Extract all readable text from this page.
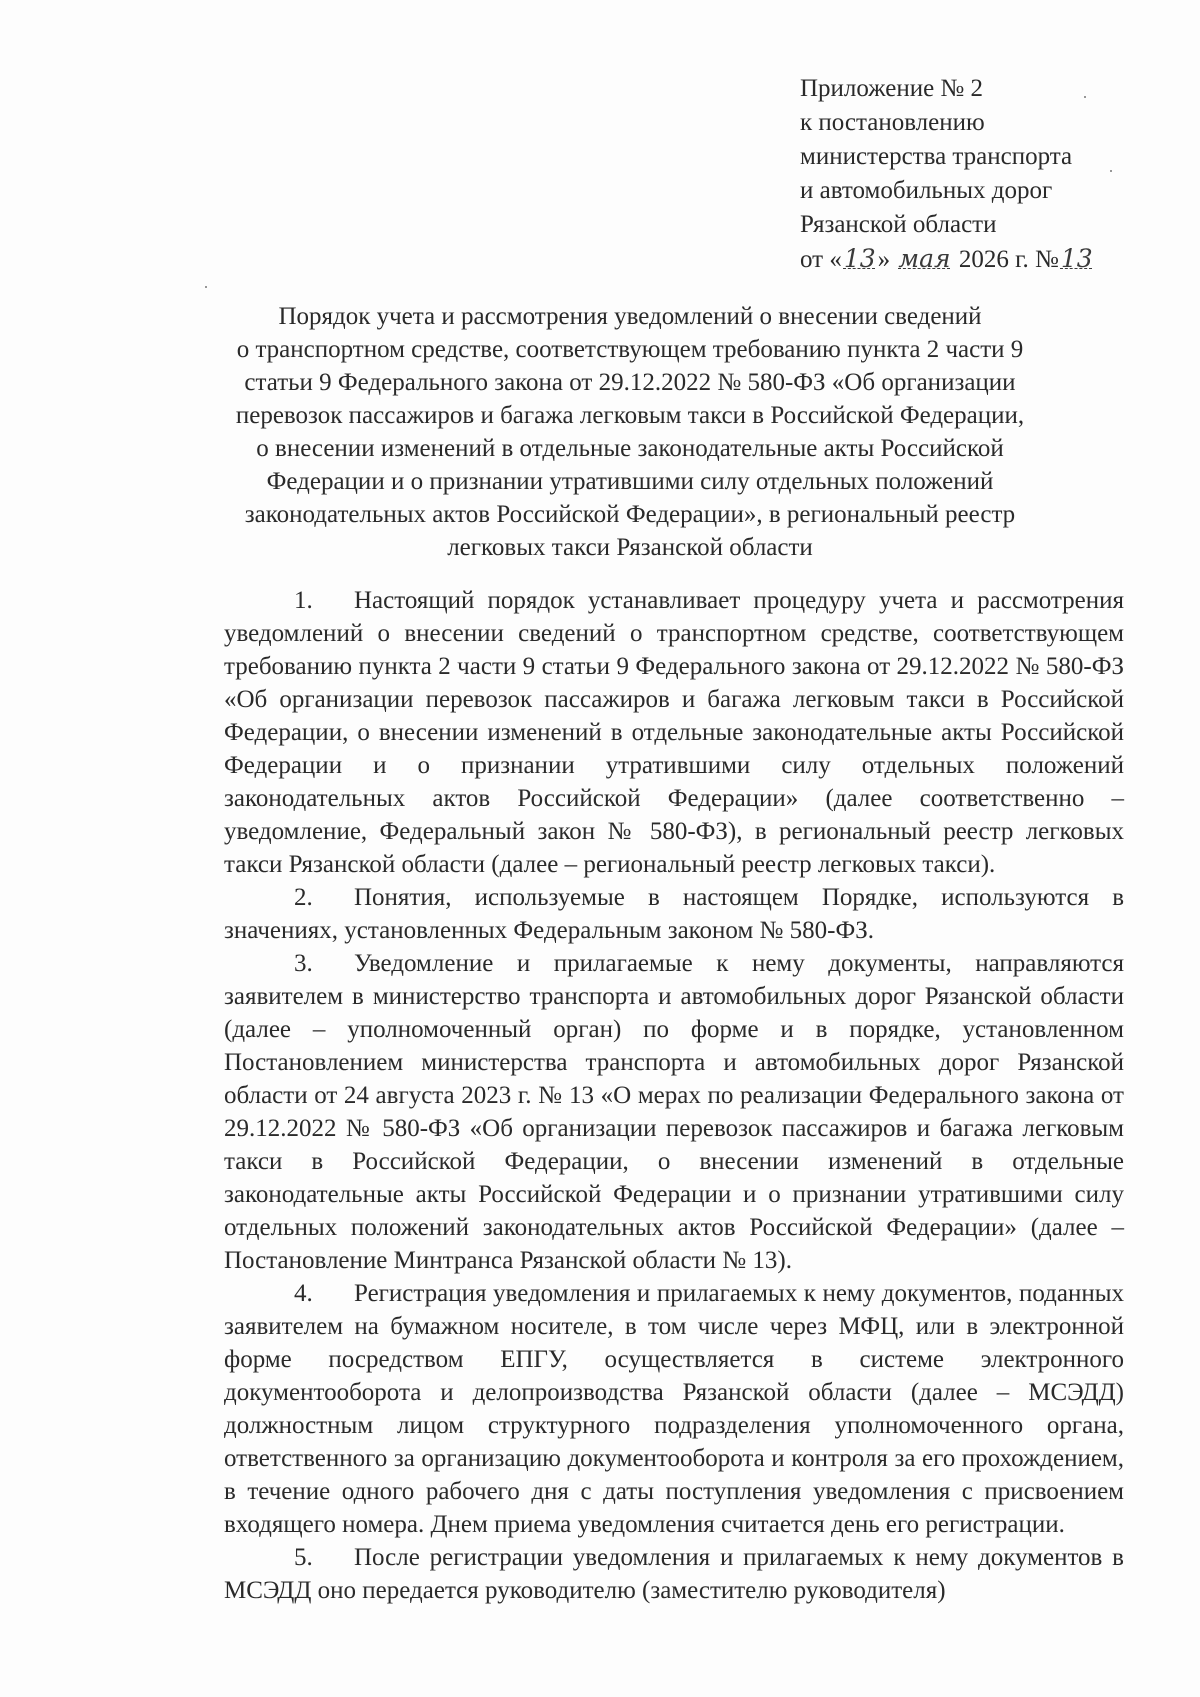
Приложение № 2
к постановлению
министерства транспорта
и автомобильных дорог
Рязанской области
от «13» мая 2026 г. №13
Порядок учета и рассмотрения уведомлений о внесении сведений
о транспортном средстве, соответствующем требованию пункта 2 части 9
статьи 9 Федерального закона от 29.12.2022 № 580-ФЗ «Об организации
перевозок пассажиров и багажа легковым такси в Российской Федерации,
о внесении изменений в отдельные законодательные акты Российской
Федерации и о признании утратившими силу отдельных положений
законодательных актов Российской Федерации», в региональный реестр
легковых такси Рязанской области

1. Настоящий порядок устанавливает процедуру учета и рассмотрения уведомлений о внесении сведений о транспортном средстве, соответствующем требованию пункта 2 части 9 статьи 9 Федерального закона от 29.12.2022 № 580-ФЗ «Об организации перевозок пассажиров и багажа легковым такси в Российской Федерации, о внесении изменений в отдельные законодательные акты Российской Федерации и о признании утратившими силу отдельных положений законодательных актов Российской Федерации» (далее соответственно – уведомление, Федеральный закон № 580-ФЗ), в региональный реестр легковых такси Рязанской области (далее – региональный реестр легковых такси).

2. Понятия, используемые в настоящем Порядке, используются в значениях, установленных Федеральным законом № 580-ФЗ.

3. Уведомление и прилагаемые к нему документы, направляются заявителем в министерство транспорта и автомобильных дорог Рязанской области (далее – уполномоченный орган) по форме и в порядке, установленном Постановлением министерства транспорта и автомобильных дорог Рязанской области от 24 августа 2023 г. № 13 «О мерах по реализации Федерального закона от 29.12.2022 № 580-ФЗ «Об организации перевозок пассажиров и багажа легковым такси в Российской Федерации, о внесении изменений в отдельные законодательные акты Российской Федерации и о признании утратившими силу отдельных положений законодательных актов Российской Федерации» (далее – Постановление Минтранса Рязанской области № 13).

4. Регистрация уведомления и прилагаемых к нему документов, поданных заявителем на бумажном носителе, в том числе через МФЦ, или в электронной форме посредством ЕПГУ, осуществляется в системе электронного документооборота и делопроизводства Рязанской области (далее – МСЭДД) должностным лицом структурного подразделения уполномоченного органа, ответственного за организацию документооборота и контроля за его прохождением, в течение одного рабочего дня с даты поступления уведомления с присвоением входящего номера. Днем приема уведомления считается день его регистрации.

5. После регистрации уведомления и прилагаемых к нему документов в МСЭДД оно передается руководителю (заместителю руководителя)
